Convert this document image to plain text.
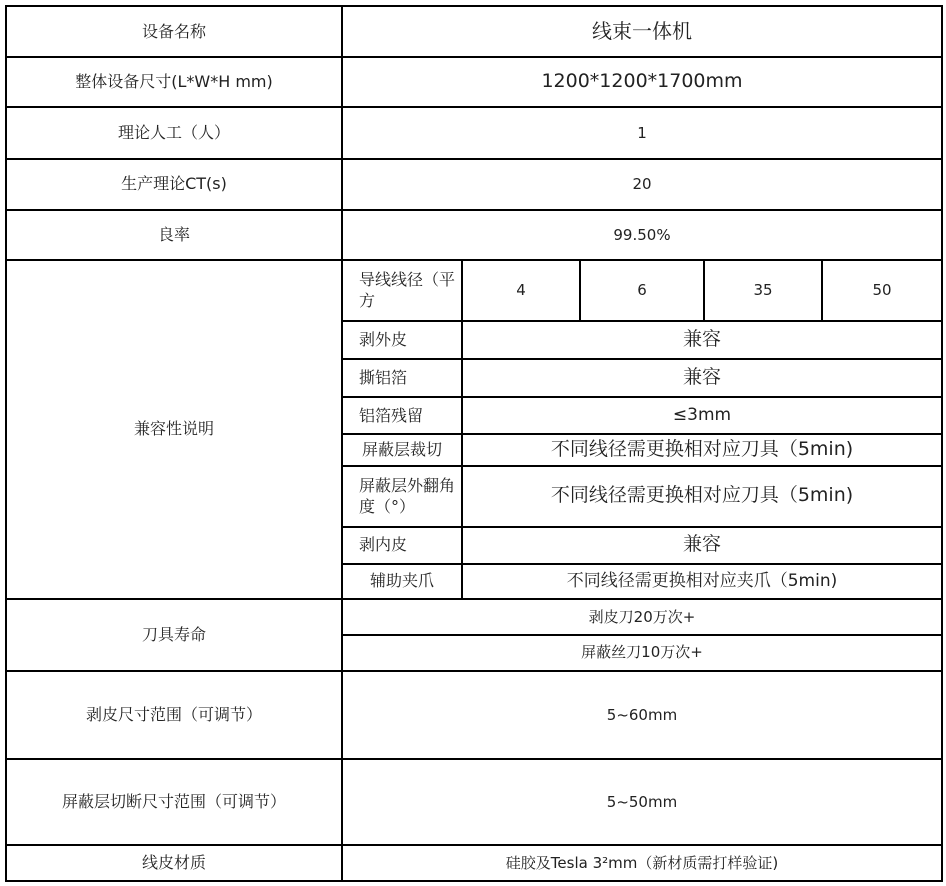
设备名称	线束一体机				
整体设备尺寸(L*W*H mm)	1200*1200*1700mm				
理论人工（人）	1				
生产理论CT(s)	20				
良率	99.50%				
兼容性说明	导线线径（平方	4	6	35	50
	剥外皮	兼容			
	撕铝箔	兼容			
	铝箔残留	≤3mm			
	屏蔽层裁切	不同线径需更换相对应刀具（5min)			
	屏蔽层外翻角度（°）	不同线径需更换相对应刀具（5min)			
	剥内皮	兼容			
	辅助夹爪	不同线径需更换相对应夹爪（5min)			
刀具寿命	剥皮刀20万次+				
	屏蔽丝刀10万次+				
剥皮尺寸范围（可调节）	5~60mm				
屏蔽层切断尺寸范围（可调节）	5~50mm				
线皮材质	硅胶及Tesla 3²mm（新材质需打样验证)				
